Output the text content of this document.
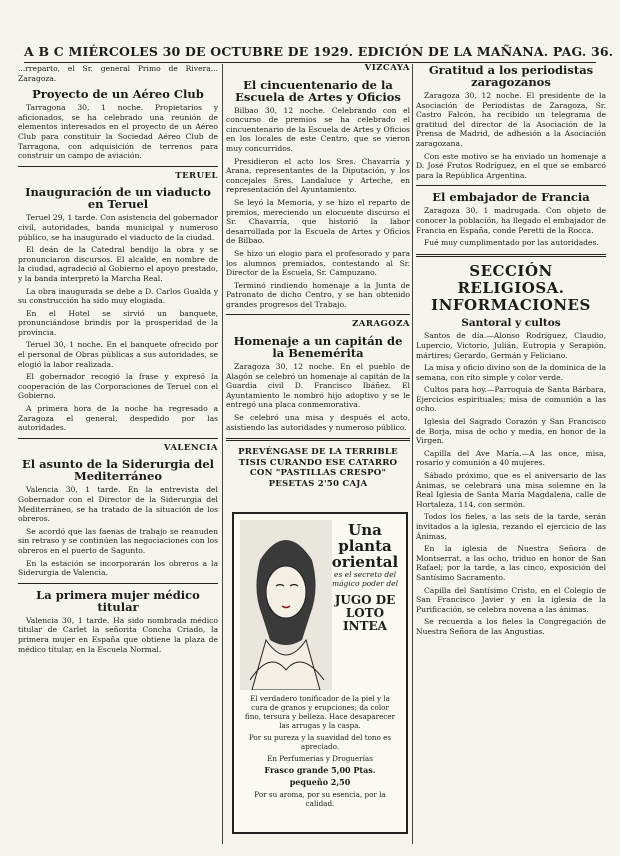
A B C MIÉRCOLES 30 DE OCTUBRE DE 1929. EDICIÓN DE LA MAÑANA. PAG. 36.

...rreparto, el Sr. general Primo de Rivera... Zaragoza.

Proyecto de un Aéreo Club

Tarragona 30, 1 noche. Propietarios y aficionados, se ha celebrado una reunión de elementos interesados en el proyecto de un Aéreo Club para constituir la Sociedad Aéreo Club de Tarragona, con adquisición de terrenos para construir un campo de aviación.

TERUEL
Inauguración de un viaducto en Teruel

Teruel 29, 1 tarde. Con asistencia del gobernador civil, autoridades, banda municipal y numeroso público, se ha inaugurado el viaducto de la ciudad.

El deán de la Catedral bendijo la obra y se pronunciaron discursos. El alcalde, en nombre de la ciudad, agradeció al Gobierno el apoyo prestado, y la banda interpretó la Marcha Real.

La obra inaugurada se debe a D. Carlos Gualda y su construcción ha sido muy elogiada.

En el Hotel se sirvió un banquete, pronunciándose brindis por la prosperidad de la provincia.

Teruel 30, 1 noche. En el banquete ofrecido por el personal de Obras públicas a sus autoridades, se elogió la labor realizada.

El gobernador recogió la frase y expresó la cooperación de las Corporaciones de Teruel con el Gobierno.

A primera hora de la noche ha regresado a Zaragoza el general, despedido por las autoridades.

VALENCIA
El asunto de la Siderurgia del Mediterráneo

Valencia 30, 1 tarde. En la entrevista del Gobernador con el Director de la Siderurgia del Mediterráneo, se ha tratado de la situación de los obreros.

Se acordó que las faenas de trabajo se reanuden sin retraso y se continúen las negociaciones con los obreros en el puerto de Sagunto.

En la estación se incorporarán los obreros a la Siderurgia de Valencia.

La primera mujer médico titular

Valencia 30, 1 tarde. Ha sido nombrada médico titular de Carlet la señorita Concha Criado, la primera mujer en España que obtiene la plaza de médico titular, en la Escuela Normal.

VIZCAYA
El cincuentenario de la Escuela de Artes y Oficios

Bilbao 30, 12 noche. Celebrando con el concurso de premios se ha celebrado el cincuentenario de la Escuela de Artes y Oficios en los locales de este Centro, que se vieron muy concurridos.

Presidieron el acto los Sres. Chavarría y Arana, representantes de la Diputación, y los concejales Sres. Landaluce y Arteche, en representación del Ayuntamiento.

Se leyó la Memoria, y se hizo el reparto de premios, mereciendo un elocuente discurso el Sr. Chavarría, que historió la labor desarrollada por la Escuela de Artes y Oficios de Bilbao.

Se hizo un elogio para el profesorado y para los alumnos premiados, contestando al Sr. Director de la Escuela, Sr. Campuzano.

Terminó rindiendo homenaje a la Junta de Patronato de dicho Centro, y se han obtenido grandes progresos del Trabajo.

ZARAGOZA
Homenaje a un capitán de la Benemérita

Zaragoza 30, 12 noche. En el pueblo de Alagón se celebró un homenaje al capitán de la Guardia civil D. Francisco Ibáñez. El Ayuntamiento le nombró hijo adoptivo y se le entregó una placa conmemorativa.

Se celebró una misa y después el acto, asistiendo las autoridades y numeroso público.

PREVÉNGASE DE LA TERRIBLE TISIS CURANDO ESE CATARRO CON "PASTILLAS CRESPO" PESETAS 2'50 CAJA
Una planta oriental
es el secreto del mágico poder del
JUGO DE LOTO INTEA

El verdadero tonificador de la piel y la cura de granos y erupciones; da color fino, tersura y belleza. Hace desaparecer las arrugas y la caspa.

Por su pureza y la suavidad del tono es apreciado.

En Perfumerías y Droguerías

Frasco grande 5,00 Ptas.

pequeño 2,50

Por su aroma, por su esencia, por la calidad.

Gratitud a los periodistas zaragozanos

Zaragoza 30, 12 noche. El presidente de la Asociación de Periodistas de Zaragoza, Sr. Castro Falcón, ha recibido un telegrama de gratitud del director de la Asociación de la Prensa de Madrid, de adhesión a la Asociación zaragozana.

Con este motivo se ha enviado un homenaje a D. José Frutos Rodríguez, en el que se embarcó para la República Argentina.

El embajador de Francia

Zaragoza 30, 1 madrugada. Con objeto de conocer la población, ha llegado el embajador de Francia en España, conde Peretti de la Rocca.

Fué muy cumplimentado por las autoridades.

SECCIÓN RELIGIOSA. INFORMACIONES
Santoral y cultos

Santos de día.—Alonso Rodríguez, Claudio, Lupercio, Victorio, Julián, Eutropia y Serapión, mártires; Gerardo, Germán y Feliciano.

La misa y oficio divino son de la dominica de la semana, con rito simple y color verde.

Cultos para hoy.—Parroquia de Santa Bárbara, Ejercicios espirituales; misa de comunión a las ocho.

Iglesia del Sagrado Corazón y San Francisco de Borja, misa de ocho y media, en honor de la Virgen.

Capilla del Ave María.—A las once, misa, rosario y comunión a 40 mujeres.

Sábado próximo, que es el aniversario de las Ánimas, se celebrará una misa solemne en la Real Iglesia de Santa María Magdalena, calle de Hortaleza, 114, con sermón.

Todos los fieles, a las seis de la tarde, serán invitados a la iglesia, rezando el ejercicio de las Ánimas.

En la iglesia de Nuestra Señora de Montserrat, a las ocho, triduo en honor de San Rafael; por la tarde, a las cinco, exposición del Santísimo Sacramento.

Capilla del Santísimo Cristo, en el Colegio de San Francisco Javier y en la iglesia de la Purificación, se celebra novena a las ánimas.

Se recuerda a los fieles la Congregación de Nuestra Señora de las Angustias.
